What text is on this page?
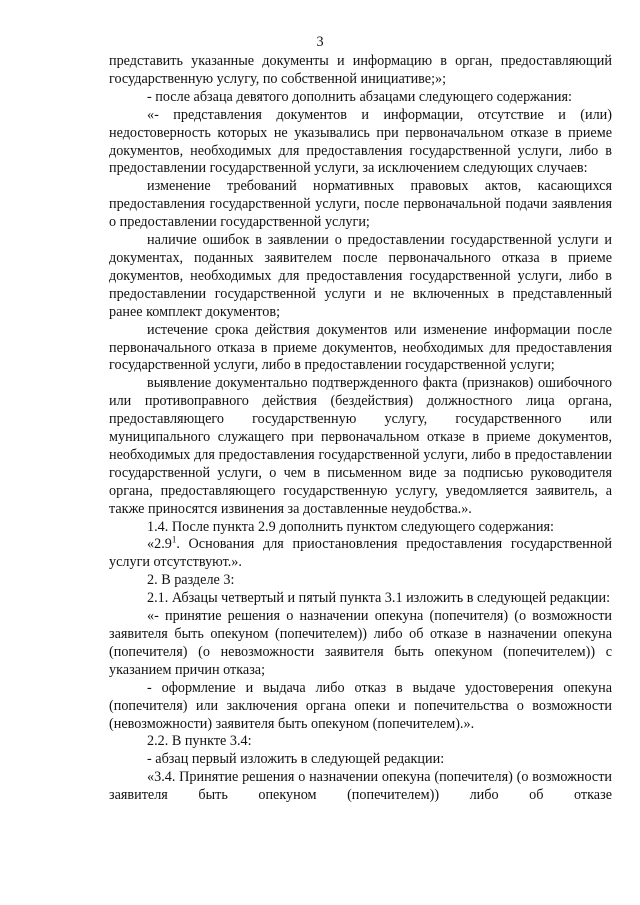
3

представить указанные документы и информацию в орган, предоставляющий государственную услугу, по собственной инициативе;»;

- после абзаца девятого дополнить абзацами следующего содержания:

«- представления документов и информации, отсутствие и (или) недостоверность которых не указывались при первоначальном отказе в приеме документов, необходимых для предоставления государственной услуги, либо в предоставлении государственной услуги, за исключением следующих случаев:

изменение требований нормативных правовых актов, касающихся предоставления государственной услуги, после первоначальной подачи заявления о предоставлении государственной услуги;

наличие ошибок в заявлении о предоставлении государственной услуги и документах, поданных заявителем после первоначального отказа в приеме документов, необходимых для предоставления государственной услуги, либо в предоставлении государственной услуги и не включенных в представленный ранее комплект документов;

истечение срока действия документов или изменение информации после первоначального отказа в приеме документов, необходимых для предоставления государственной услуги, либо в предоставлении государственной услуги;

выявление документально подтвержденного факта (признаков) ошибочного или противоправного действия (бездействия) должностного лица органа, предоставляющего государственную услугу, государственного или муниципального служащего при первоначальном отказе в приеме документов, необходимых для предоставления государственной услуги, либо в предоставлении государственной услуги, о чем в письменном виде за подписью руководителя органа, предоставляющего государственную услугу, уведомляется заявитель, а также приносятся извинения за доставленные неудобства.».

1.4. После пункта 2.9 дополнить пунктом следующего содержания:

«$2.9^1$. Основания для приостановления предоставления государственной услуги отсутствуют.».

2. В разделе 3:

2.1. Абзацы четвертый и пятый пункта 3.1 изложить в следующей редакции:

«- принятие решения о назначении опекуна (попечителя) (о возможности заявителя быть опекуном (попечителем)) либо об отказе в назначении опекуна (попечителя) (о невозможности заявителя быть опекуном (попечителем)) с указанием причин отказа;

- оформление и выдача либо отказ в выдаче удостоверения опекуна (попечителя) или заключения органа опеки и попечительства о возможности (невозможности) заявителя быть опекуном (попечителем).».

2.2. В пункте 3.4:

- абзац первый изложить в следующей редакции:

«3.4. Принятие решения о назначении опекуна (попечителя) (о возможности заявителя быть опекуном (попечителем)) либо об отказе
